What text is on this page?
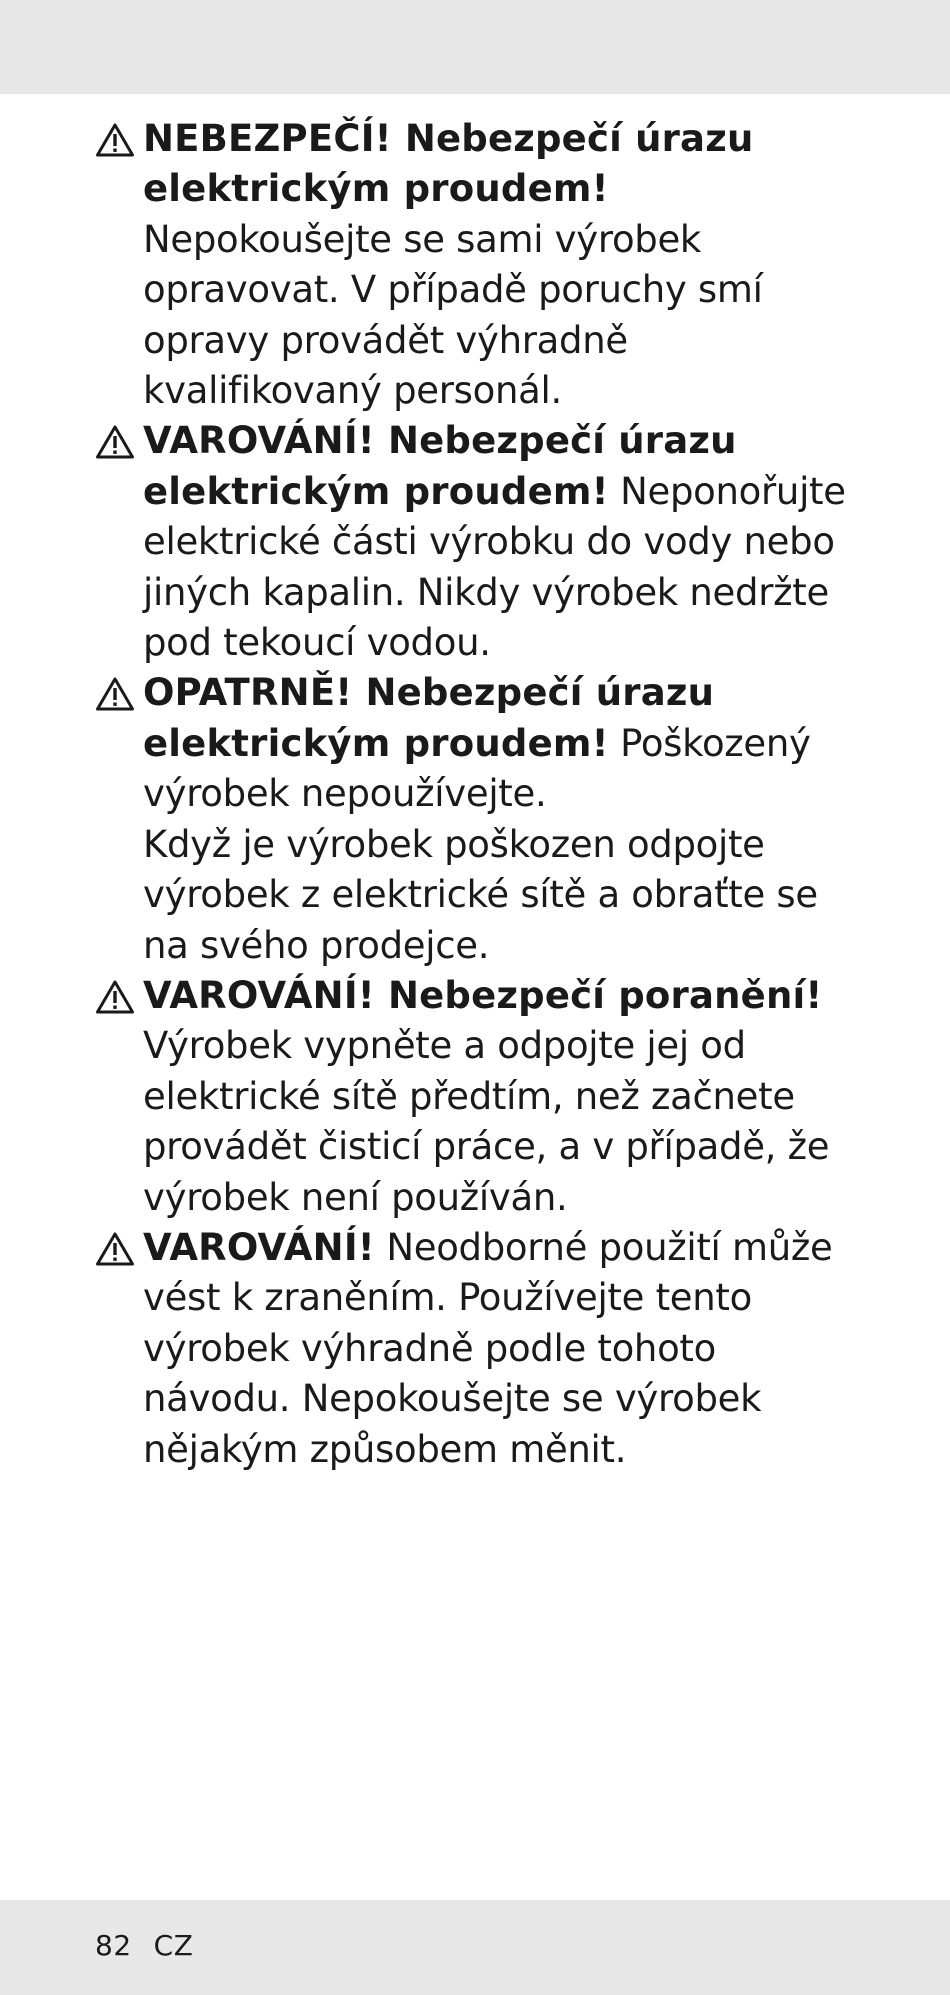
NEBEZPEČÍ! Nebezpečí úrazu elektrickým proudem! Nepokoušejte se sami výrobek opravovat. V případě poruchy smí opravy provádět výhradně kvalifikovaný personál.
VAROVÁNÍ! Nebezpečí úrazu elektrickým proudem! Neponořujte elektrické části výrobku do vody nebo jiných kapalin. Nikdy výrobek nedržte pod tekoucí vodou.
OPATRNĚ! Nebezpečí úrazu elektrickým proudem! Poškozený výrobek nepoužívejte.
Když je výrobek poškozen odpojte výrobek z elektrické sítě a obraťte se na svého prodejce.
VAROVÁNÍ! Nebezpečí poranění!
Výrobek vypněte a odpojte jej od elektrické sítě předtím, než začnete provádět čisticí práce, a v případě, že výrobek není používán.
VAROVÁNÍ! Neodborné použití může vést k zraněním. Používejte tento výrobek výhradně podle tohoto návodu. Nepokoušejte se výrobek nějakým způsobem měnit.
82 CZ
